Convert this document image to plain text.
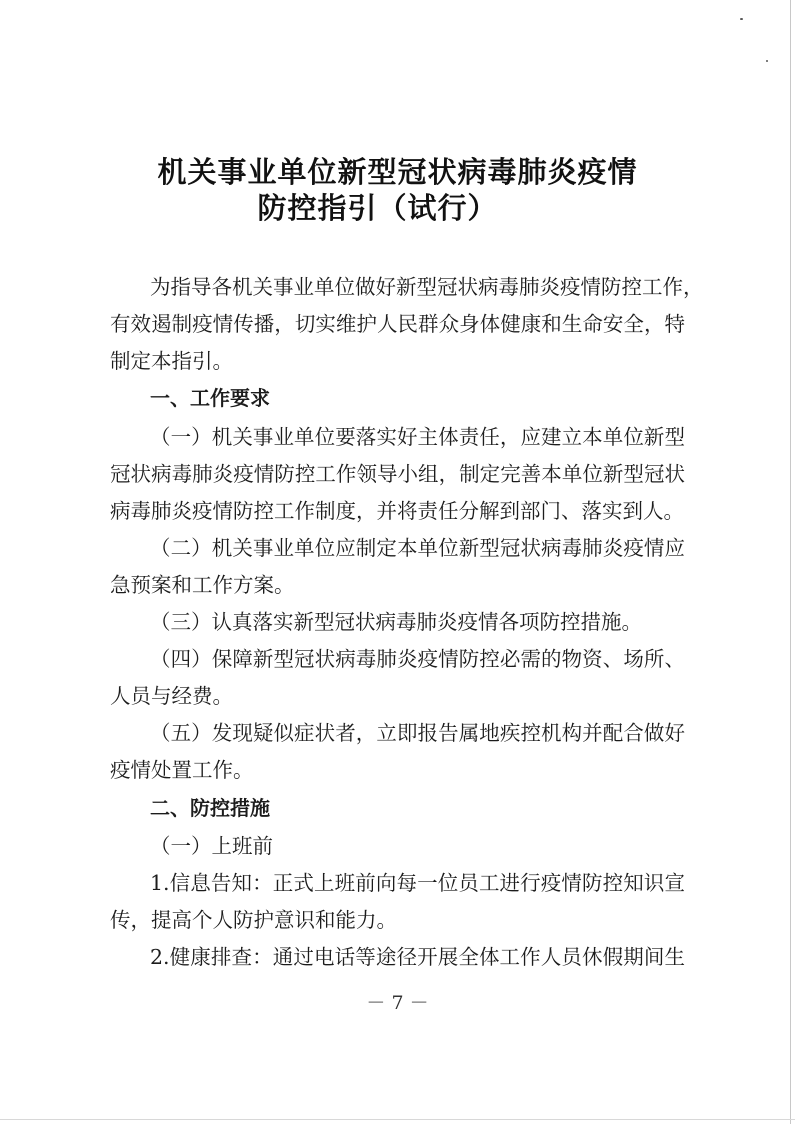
机关事业单位新型冠状病毒肺炎疫情
防控指引（试行）
为指导各机关事业单位做好新型冠状病毒肺炎疫情防控工作，
有效遏制疫情传播，切实维护人民群众身体健康和生命安全，特
制定本指引。
一、工作要求
（一）机关事业单位要落实好主体责任，应建立本单位新型
冠状病毒肺炎疫情防控工作领导小组，制定完善本单位新型冠状
病毒肺炎疫情防控工作制度，并将责任分解到部门、落实到人。
（二）机关事业单位应制定本单位新型冠状病毒肺炎疫情应
急预案和工作方案。
（三）认真落实新型冠状病毒肺炎疫情各项防控措施。
（四）保障新型冠状病毒肺炎疫情防控必需的物资、场所、
人员与经费。
（五）发现疑似症状者，立即报告属地疾控机构并配合做好
疫情处置工作。
二、防控措施
（一）上班前
1.信息告知：正式上班前向每一位员工进行疫情防控知识宣
传，提高个人防护意识和能力。
2.健康排查：通过电话等途径开展全体工作人员休假期间生
－ 7 －
